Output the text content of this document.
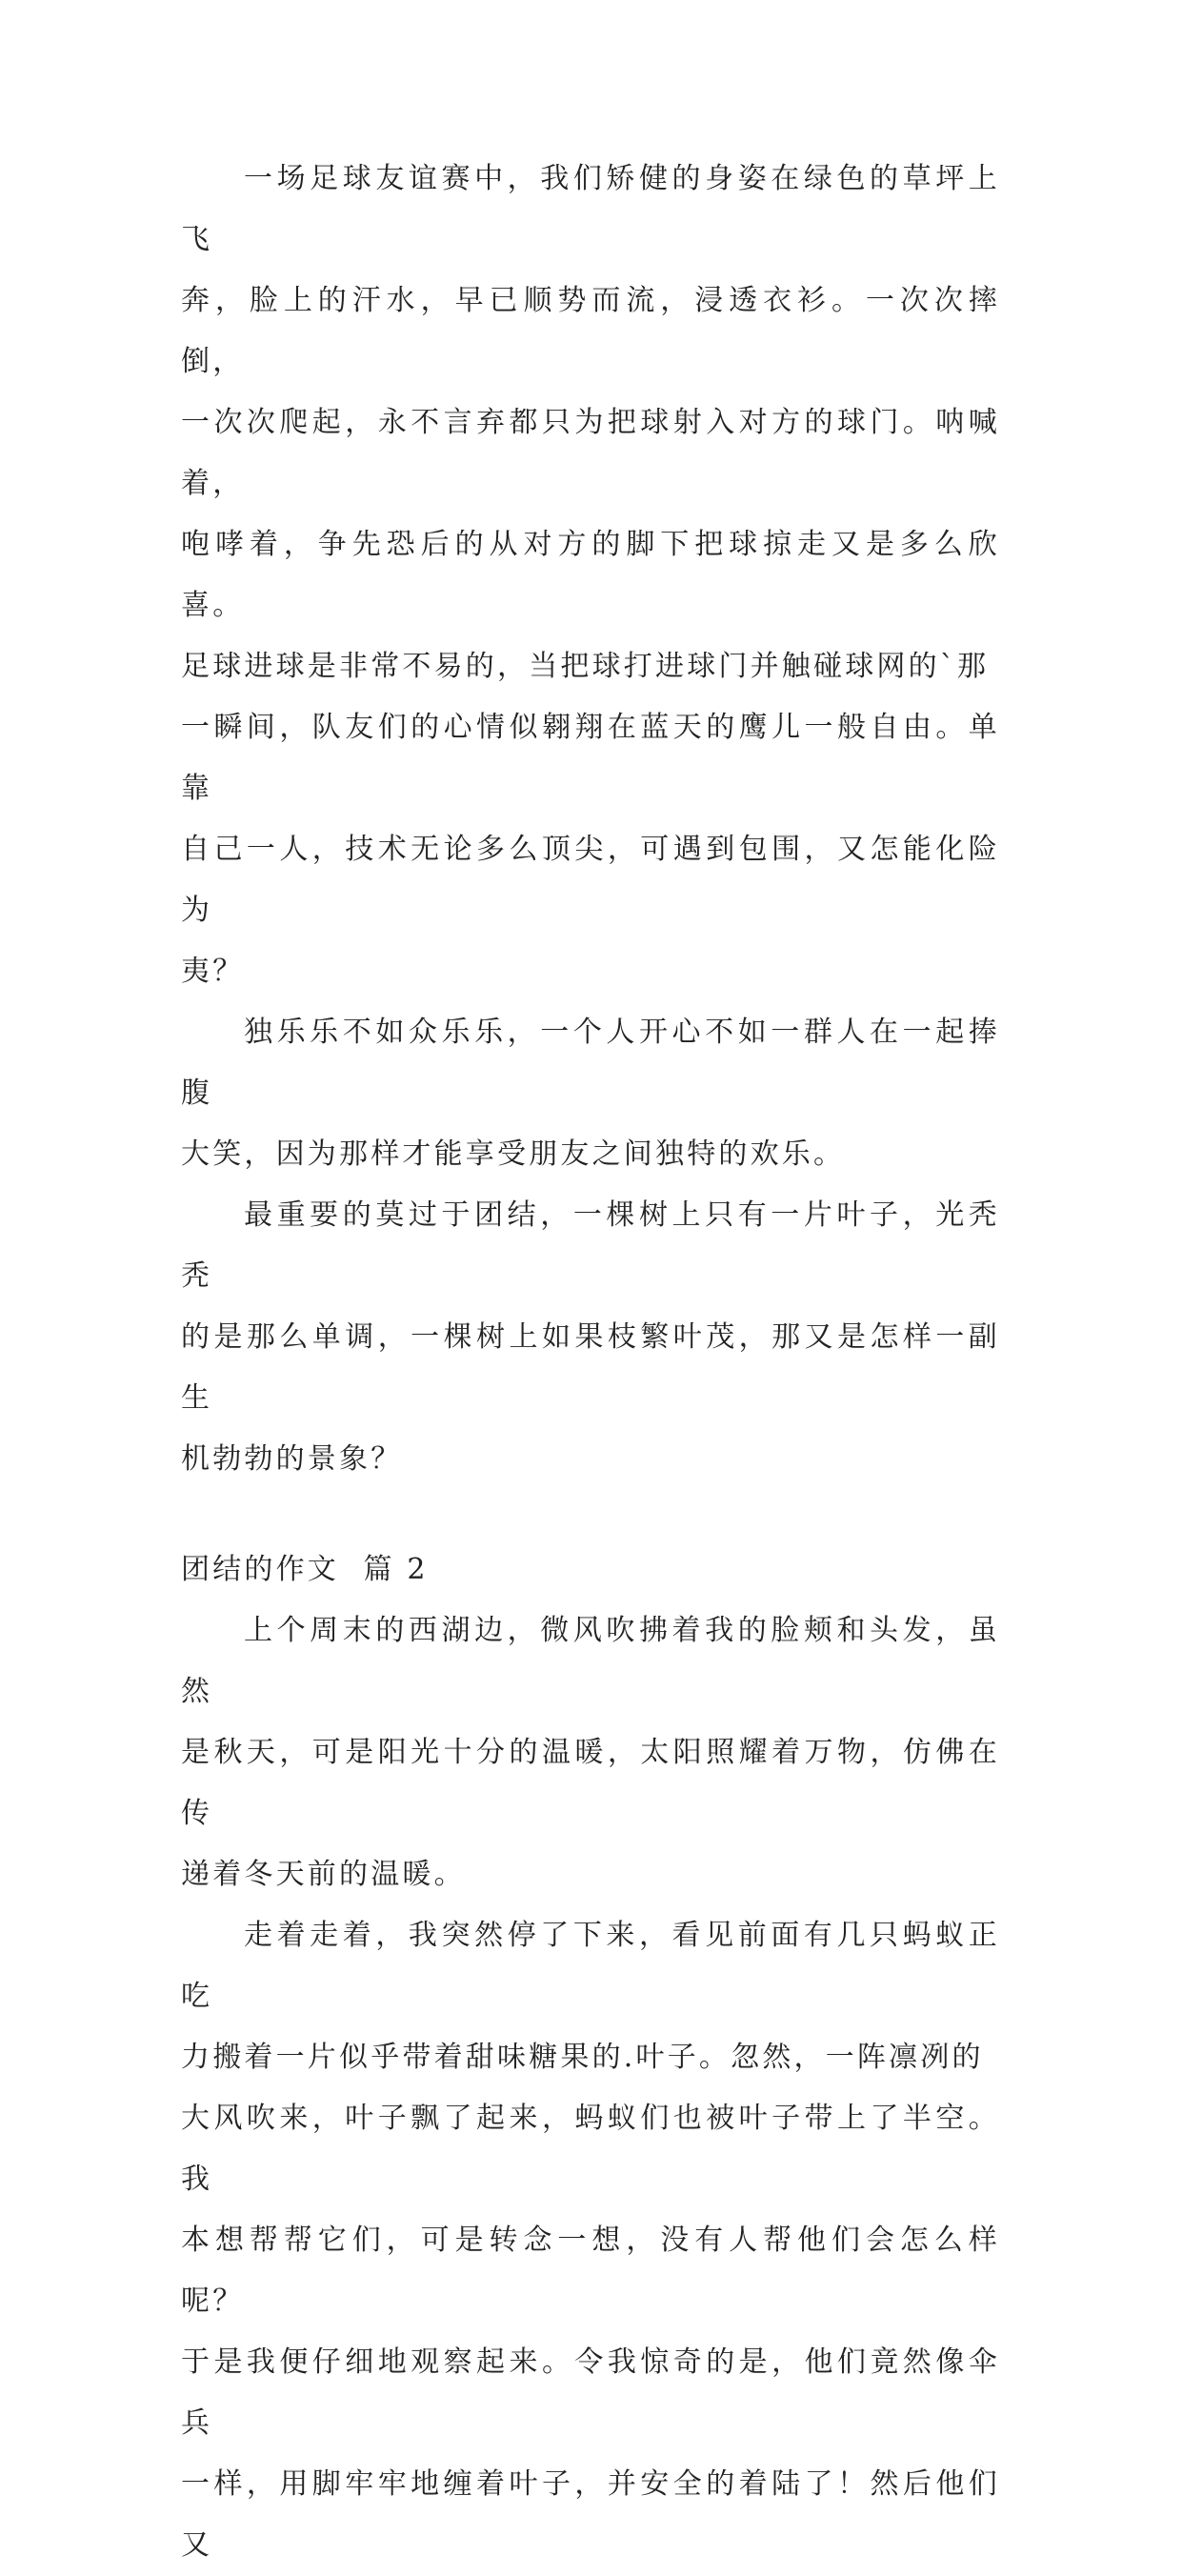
一场足球友谊赛中，我们矫健的身姿在绿色的草坪上飞
奔，脸上的汗水，早已顺势而流，浸透衣衫。一次次摔倒，
一次次爬起，永不言弃都只为把球射入对方的球门。呐喊着，
咆哮着，争先恐后的从对方的脚下把球掠走又是多么欣喜。
足球进球是非常不易的，当把球打进球门并触碰球网的`那
一瞬间，队友们的心情似翱翔在蓝天的鹰儿一般自由。单靠
自己一人，技术无论多么顶尖，可遇到包围，又怎能化险为
夷？

独乐乐不如众乐乐，一个人开心不如一群人在一起捧腹
大笑，因为那样才能享受朋友之间独特的欢乐。

最重要的莫过于团结，一棵树上只有一片叶子，光秃秃
的是那么单调，一棵树上如果枝繁叶茂，那又是怎样一副生
机勃勃的景象？

团结的作文  篇 2

上个周末的西湖边，微风吹拂着我的脸颊和头发，虽然
是秋天，可是阳光十分的温暖，太阳照耀着万物，仿佛在传
递着冬天前的温暖。

走着走着，我突然停了下来，看见前面有几只蚂蚁正吃
力搬着一片似乎带着甜味糖果的.叶子。忽然，一阵凛冽的
大风吹来，叶子飘了起来，蚂蚁们也被叶子带上了半空。我
本想帮帮它们，可是转念一想，没有人帮他们会怎么样呢？
于是我便仔细地观察起来。令我惊奇的是，他们竟然像伞兵
一样，用脚牢牢地缠着叶子，并安全的着陆了！然后他们又
